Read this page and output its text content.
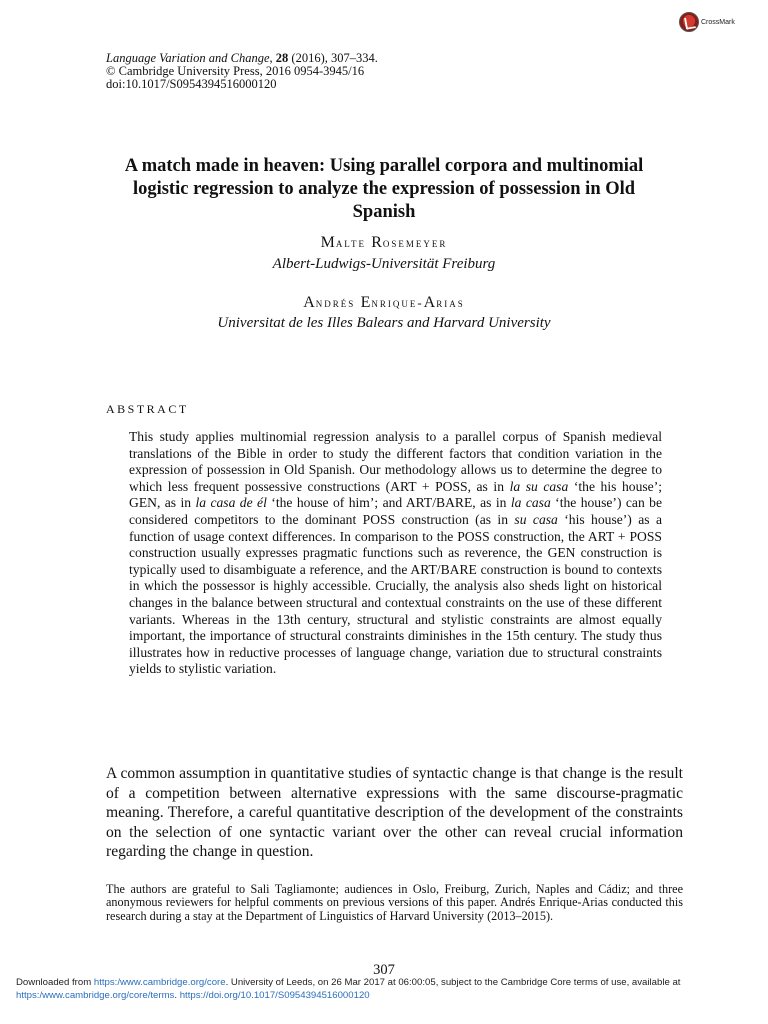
CrossMark
Language Variation and Change, 28 (2016), 307–334.
© Cambridge University Press, 2016 0954-3945/16
doi:10.1017/S0954394516000120
A match made in heaven: Using parallel corpora and multinomial logistic regression to analyze the expression of possession in Old Spanish
Malte Rosemeyer
Albert-Ludwigs-Universität Freiburg
Andrés Enrique-Arias
Universitat de les Illes Balears and Harvard University
ABSTRACT
This study applies multinomial regression analysis to a parallel corpus of Spanish medieval translations of the Bible in order to study the different factors that condition variation in the expression of possession in Old Spanish. Our methodology allows us to determine the degree to which less frequent possessive constructions (ART + POSS, as in la su casa ‘the his house’; GEN, as in la casa de él ‘the house of him’; and ART/BARE, as in la casa ‘the house’) can be considered competitors to the dominant POSS construction (as in su casa ‘his house’) as a function of usage context differences. In comparison to the POSS construction, the ART + POSS construction usually expresses pragmatic functions such as reverence, the GEN construction is typically used to disambiguate a reference, and the ART/BARE construction is bound to contexts in which the possessor is highly accessible. Crucially, the analysis also sheds light on historical changes in the balance between structural and contextual constraints on the use of these different variants. Whereas in the 13th century, structural and stylistic constraints are almost equally important, the importance of structural constraints diminishes in the 15th century. The study thus illustrates how in reductive processes of language change, variation due to structural constraints yields to stylistic variation.
A common assumption in quantitative studies of syntactic change is that change is the result of a competition between alternative expressions with the same discourse-pragmatic meaning. Therefore, a careful quantitative description of the development of the constraints on the selection of one syntactic variant over the other can reveal crucial information regarding the change in question.
The authors are grateful to Sali Tagliamonte; audiences in Oslo, Freiburg, Zurich, Naples and Cádiz; and three anonymous reviewers for helpful comments on previous versions of this paper. Andrés Enrique-Arias conducted this research during a stay at the Department of Linguistics of Harvard University (2013–2015).
307
Downloaded from https:/www.cambridge.org/core. University of Leeds, on 26 Mar 2017 at 06:00:05, subject to the Cambridge Core terms of use, available at https:/www.cambridge.org/core/terms. https://doi.org/10.1017/S0954394516000120
